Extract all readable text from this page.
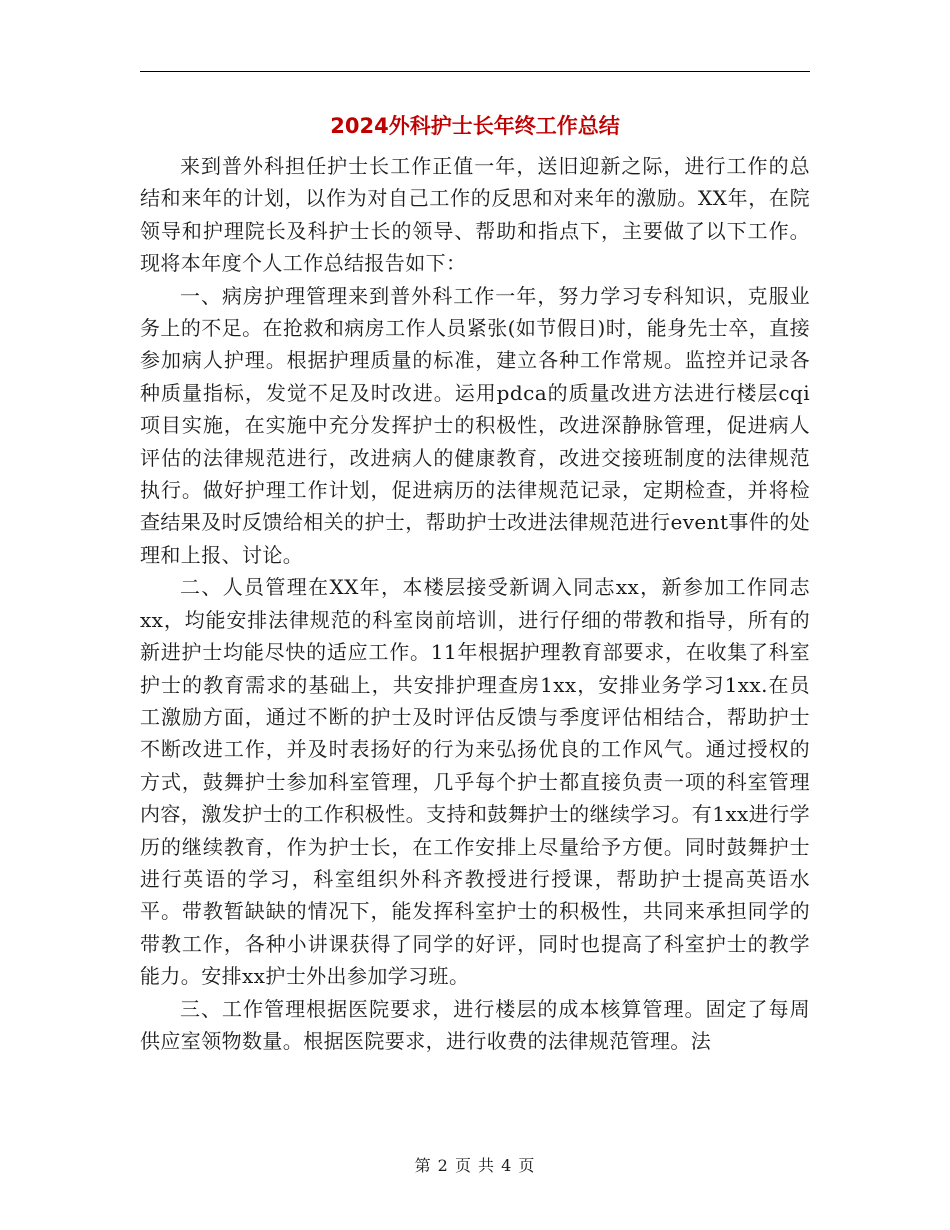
2024外科护士长年终工作总结

来到普外科担任护士长工作正值一年，送旧迎新之际，进行工作的总结和来年的计划，以作为对自己工作的反思和对来年的激励。XX年，在院领导和护理院长及科护士长的领导、帮助和指点下，主要做了以下工作。现将本年度个人工作总结报告如下：

一、病房护理管理来到普外科工作一年，努力学习专科知识，克服业务上的不足。在抢救和病房工作人员紧张(如节假日)时，能身先士卒，直接参加病人护理。根据护理质量的标准，建立各种工作常规。监控并记录各种质量指标，发觉不足及时改进。运用pdca的质量改进方法进行楼层cqi项目实施，在实施中充分发挥护士的积极性，改进深静脉管理，促进病人评估的法律规范进行，改进病人的健康教育，改进交接班制度的法律规范执行。做好护理工作计划，促进病历的法律规范记录，定期检查，并将检查结果及时反馈给相关的护士，帮助护士改进法律规范进行event事件的处理和上报、讨论。

二、人员管理在XX年，本楼层接受新调入同志xx，新参加工作同志xx，均能安排法律规范的科室岗前培训，进行仔细的带教和指导，所有的新进护士均能尽快的适应工作。11年根据护理教育部要求，在收集了科室护士的教育需求的基础上，共安排护理查房1xx，安排业务学习1xx.在员工激励方面，通过不断的护士及时评估反馈与季度评估相结合，帮助护士不断改进工作，并及时表扬好的行为来弘扬优良的工作风气。通过授权的方式，鼓舞护士参加科室管理，几乎每个护士都直接负责一项的科室管理内容，激发护士的工作积极性。支持和鼓舞护士的继续学习。有1xx进行学历的继续教育，作为护士长，在工作安排上尽量给予方便。同时鼓舞护士进行英语的学习，科室组织外科齐教授进行授课，帮助护士提高英语水平。带教暂缺缺的情况下，能发挥科室护士的积极性，共同来承担同学的带教工作，各种小讲课获得了同学的好评，同时也提高了科室护士的教学能力。安排xx护士外出参加学习班。

三、工作管理根据医院要求，进行楼层的成本核算管理。固定了每周供应室领物数量。根据医院要求，进行收费的法律规范管理。法

第 2 页 共 4 页
